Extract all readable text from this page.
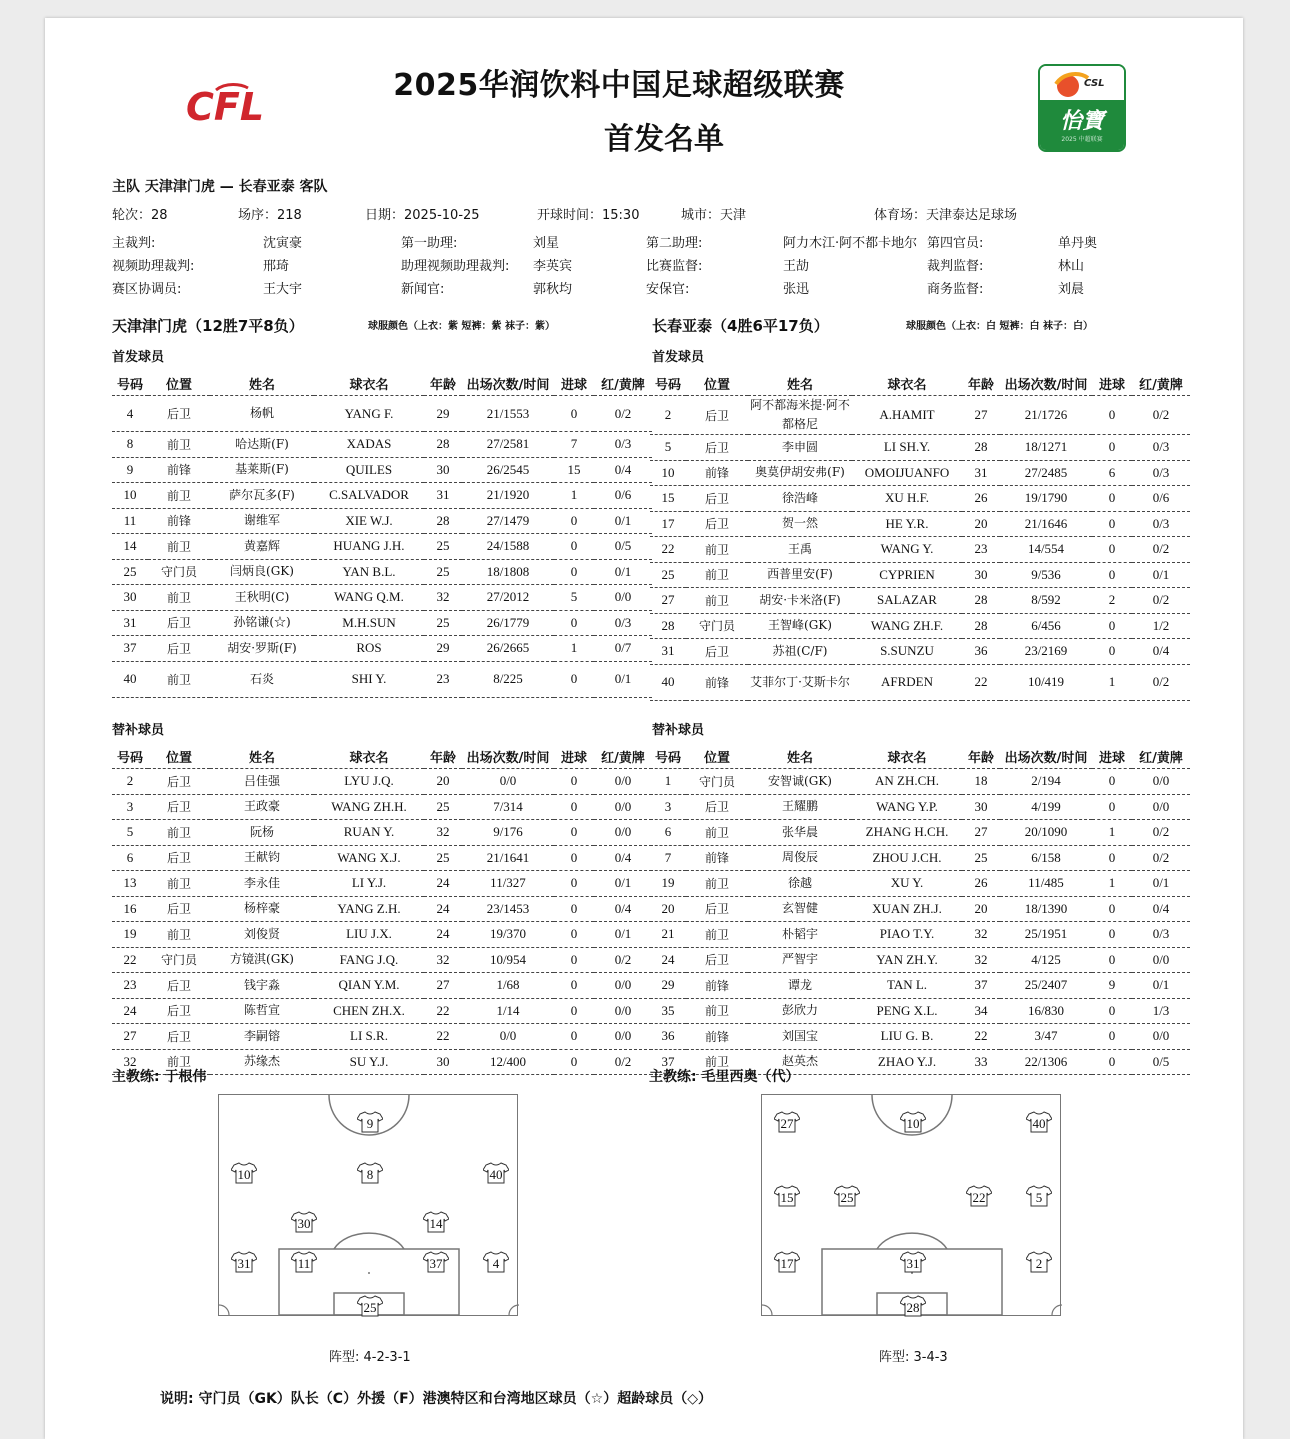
CFL	2025华润饮料中国足球超级联赛
首发名单
CSL
怡寶
2025 中超联赛
主队 天津津门虎 — 长春亚泰 客队
轮次：28	场序：218	日期：2025-10-25	开球时间：15:30	城市：天津	体育场：天津泰达足球场
主裁判:	沈寅豪	第一助理:	刘星	第二助理:	阿力木江·阿不都卡地尔 第四官员:	单丹奥
视频助理裁判:	邢琦	助理视频助理裁判: 李英宾	比赛监督:	王劼	裁判监督:	林山
赛区协调员:	王大宇	新闻官:	郭秋均	安保官:	张迅	商务监督:	刘晨
天津津门虎（12胜7平8负）	球服颜色（上衣：紫 短裤：紫 袜子：紫）	长春亚泰（4胜6平17负）	球服颜色（上衣：白 短裤：白 袜子：白）
首发球员	首发球员
替补球员	替补球员
号码	位置	姓名	球衣名	年龄	出场次数/时间	进球	红/黄牌
4	后卫	杨帆	YANG F.	29	21/1553	0	0/2
8	前卫	哈达斯(F)	XADAS	28	27/2581	7	0/3
9	前锋	基莱斯(F)	QUILES	30	26/2545	15	0/4
10	前卫	萨尔瓦多(F)	C.SALVADOR	31	21/1920	1	0/6
11	前锋	谢维军	XIE W.J.	28	27/1479	0	0/1
14	前卫	黄嘉辉	HUANG J.H.	25	24/1588	0	0/5
25	守门员	闫炳良(GK)	YAN B.L.	25	18/1808	0	0/1
30	前卫	王秋明(C)	WANG Q.M.	32	27/2012	5	0/0
31	后卫	孙铭谦(☆)	M.H.SUN	25	26/1779	0	0/3
37	后卫	胡安·罗斯(F)	ROS	29	26/2665	1	0/7
40	前卫	石炎	SHI Y.	23	8/225	0	0/1
号码	位置	姓名	球衣名	年龄	出场次数/时间	进球	红/黄牌
2	后卫	阿不都海米提·阿不都格尼	A.HAMIT	27	21/1726	0	0/2
5	后卫	李申圆	LI SH.Y.	28	18/1271	0	0/3
10	前锋	奥莫伊胡安弗(F)	OMOIJUANFO	31	27/2485	6	0/3
15	后卫	徐浩峰	XU H.F.	26	19/1790	0	0/6
17	后卫	贺一然	HE Y.R.	20	21/1646	0	0/3
22	前卫	王禹	WANG Y.	23	14/554	0	0/2
25	前卫	西普里安(F)	CYPRIEN	30	9/536	0	0/1
27	前卫	胡安·卡米洛(F)	SALAZAR	28	8/592	2	0/2
28	守门员	王智峰(GK)	WANG ZH.F.	28	6/456	0	1/2
31	后卫	苏祖(C/F)	S.SUNZU	36	23/2169	0	0/4
40	前锋	艾菲尔丁·艾斯卡尔	AFRDEN	22	10/419	1	0/2
号码	位置	姓名	球衣名	年龄	出场次数/时间	进球	红/黄牌
2	后卫	吕佳强	LYU J.Q.	20	0/0	0	0/0
3	后卫	王政豪	WANG ZH.H.	25	7/314	0	0/0
5	前卫	阮杨	RUAN Y.	32	9/176	0	0/0
6	后卫	王献钧	WANG X.J.	25	21/1641	0	0/4
13	前卫	李永佳	LI Y.J.	24	11/327	0	0/1
16	后卫	杨梓豪	YANG Z.H.	24	23/1453	0	0/4
19	前卫	刘俊贤	LIU J.X.	24	19/370	0	0/1
22	守门员	方镜淇(GK)	FANG J.Q.	32	10/954	0	0/2
23	后卫	钱宇淼	QIAN Y.M.	27	1/68	0	0/0
24	后卫	陈哲宣	CHEN ZH.X.	22	1/14	0	0/0
27	后卫	李嗣镕	LI S.R.	22	0/0	0	0/0
32	前卫	苏缘杰	SU Y.J.	30	12/400	0	0/2
号码	位置	姓名	球衣名	年龄	出场次数/时间	进球	红/黄牌
1	守门员	安智诚(GK)	AN ZH.CH.	18	2/194	0	0/0
3	后卫	王耀鹏	WANG Y.P.	30	4/199	0	0/0
6	前卫	张华晨	ZHANG H.CH.	27	20/1090	1	0/2
7	前锋	周俊辰	ZHOU J.CH.	25	6/158	0	0/2
19	前卫	徐越	XU Y.	26	11/485	1	0/1
20	后卫	玄智健	XUAN ZH.J.	20	18/1390	0	0/4
21	前卫	朴韬宇	PIAO T.Y.	32	25/1951	0	0/3
24	后卫	严智宇	YAN ZH.Y.	32	4/125	0	0/0
29	前锋	谭龙	TAN L.	37	25/2407	9	0/1
35	前卫	彭欣力	PENG X.L.	34	16/830	0	1/3
36	前锋	刘国宝	LIU G. B.	22	3/47	0	0/0
37	前卫	赵英杰	ZHAO Y.J.	33	22/1306	0	0/5
主教练: 于根伟	主教练: 毛里西奥（代）
9
10	8	40
30	14
31	11	37	4
25
27	10	40
15	25	22	5
17	31	2
28
阵型: 4-2-3-1	阵型: 3-4-3
说明: 守门员（GK）队长（C）外援（F）港澳特区和台湾地区球员（☆）超龄球员（◇）
